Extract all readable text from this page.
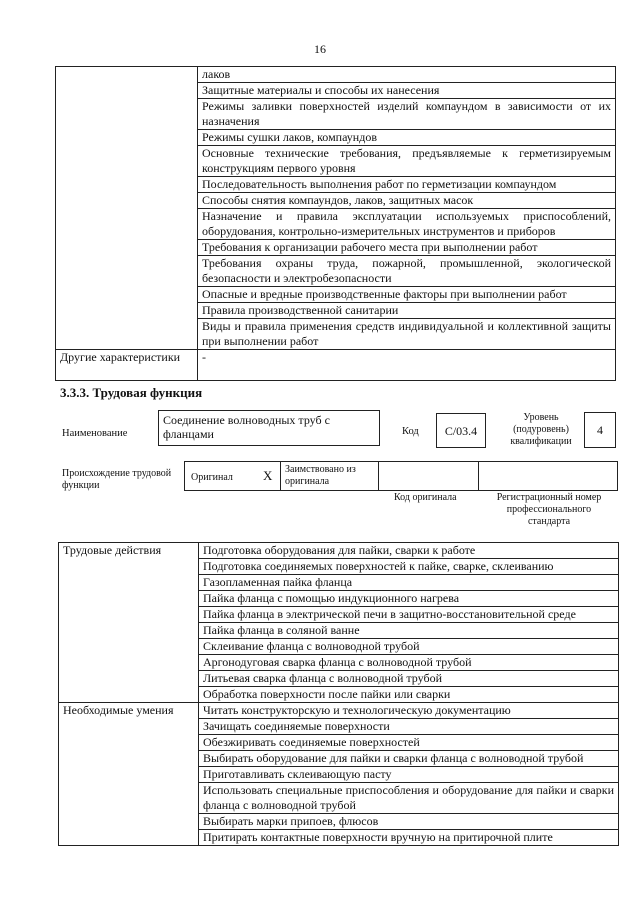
16
	лаков
	Защитные материалы и способы их нанесения
	Режимы заливки поверхностей изделий компаундом в зависимости от их назначения
	Режимы сушки лаков, компаундов
	Основные технические требования, предъявляемые к герметизируемым конструкциям первого уровня
	Последовательность выполнения работ по герметизации компаундом
	Способы снятия компаундов, лаков, защитных масок
	Назначение и правила эксплуатации используемых приспособлений, оборудования, контрольно-измерительных инструментов и приборов
	Требования к организации рабочего места при выполнении работ
	Требования охраны труда, пожарной, промышленной, экологической безопасности и электробезопасности
	Опасные и вредные производственные факторы при выполнении работ
	Правила производственной санитарии
	Виды и правила применения средств индивидуальной и коллективной защиты при выполнении работ
Другие характеристики	-
3.3.3. Трудовая функция
Наименование
Соединение волноводных труб с фланцами	Код C/03.4
Уровень (подуровень) квалификации
4
Происхождение трудовой функции
Оригинал X Заимствовано из оригинала
Код оригинала	Регистрационный номер профессионального стандарта
Трудовые действия	Подготовка оборудования для пайки, сварки к работе
	Подготовка соединяемых поверхностей к пайке, сварке, склеиванию
	Газопламенная пайка фланца
	Пайка фланца с помощью индукционного нагрева
	Пайка фланца в электрической печи в защитно-восстановительной среде
	Пайка фланца в соляной ванне
	Склеивание фланца с волноводной трубой
	Аргонодуговая сварка фланца с волноводной трубой
	Литьевая сварка фланца с волноводной трубой
	Обработка поверхности после пайки или сварки
Необходимые умения	Читать конструкторскую и технологическую документацию
	Зачищать соединяемые поверхности
	Обезжиривать соединяемые поверхностей
	Выбирать оборудование для пайки и сварки фланца с волноводной трубой
	Приготавливать склеивающую пасту
	Использовать специальные приспособления и оборудование для пайки и сварки фланца с волноводной трубой
	Выбирать марки припоев, флюсов
	Притирать контактные поверхности вручную на притирочной плите
